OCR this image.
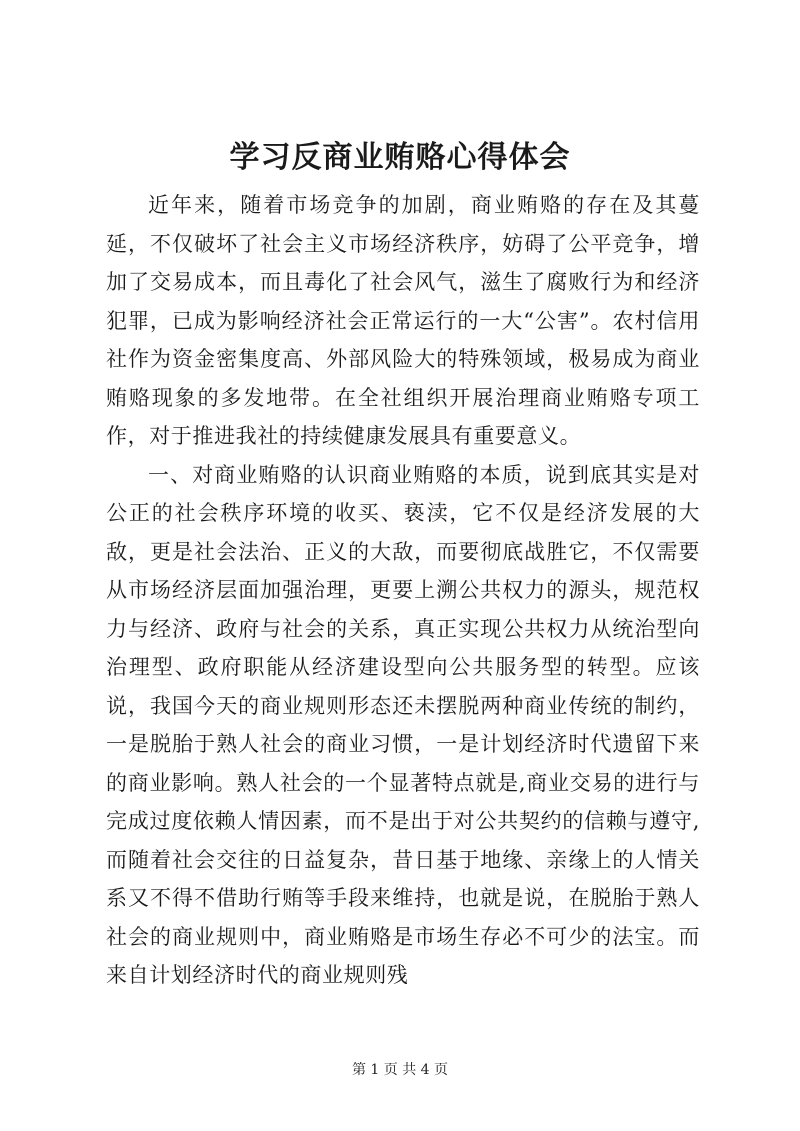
学习反商业贿赂心得体会

近年来，随着市场竞争的加剧，商业贿赂的存在及其蔓延，不仅破坏了社会主义市场经济秩序，妨碍了公平竞争，增加了交易成本，而且毒化了社会风气，滋生了腐败行为和经济犯罪，已成为影响经济社会正常运行的一大“公害”。农村信用社作为资金密集度高、外部风险大的特殊领域，极易成为商业贿赂现象的多发地带。在全社组织开展治理商业贿赂专项工作，对于推进我社的持续健康发展具有重要意义。

一、对商业贿赂的认识商业贿赂的本质，说到底其实是对公正的社会秩序环境的收买、亵渎，它不仅是经济发展的大敌，更是社会法治、正义的大敌，而要彻底战胜它，不仅需要从市场经济层面加强治理，更要上溯公共权力的源头，规范权力与经济、政府与社会的关系，真正实现公共权力从统治型向治理型、政府职能从经济建设型向公共服务型的转型。应该说，我国今天的商业规则形态还未摆脱两种商业传统的制约，一是脱胎于熟人社会的商业习惯，一是计划经济时代遗留下来的商业影响。熟人社会的一个显著特点就是,商业交易的进行与完成过度依赖人情因素，而不是出于对公共契约的信赖与遵守,而随着社会交往的日益复杂，昔日基于地缘、亲缘上的人情关系又不得不借助行贿等手段来维持，也就是说，在脱胎于熟人社会的商业规则中，商业贿赂是市场生存必不可少的法宝。而来自计划经济时代的商业规则残

第 1 页 共 4 页
